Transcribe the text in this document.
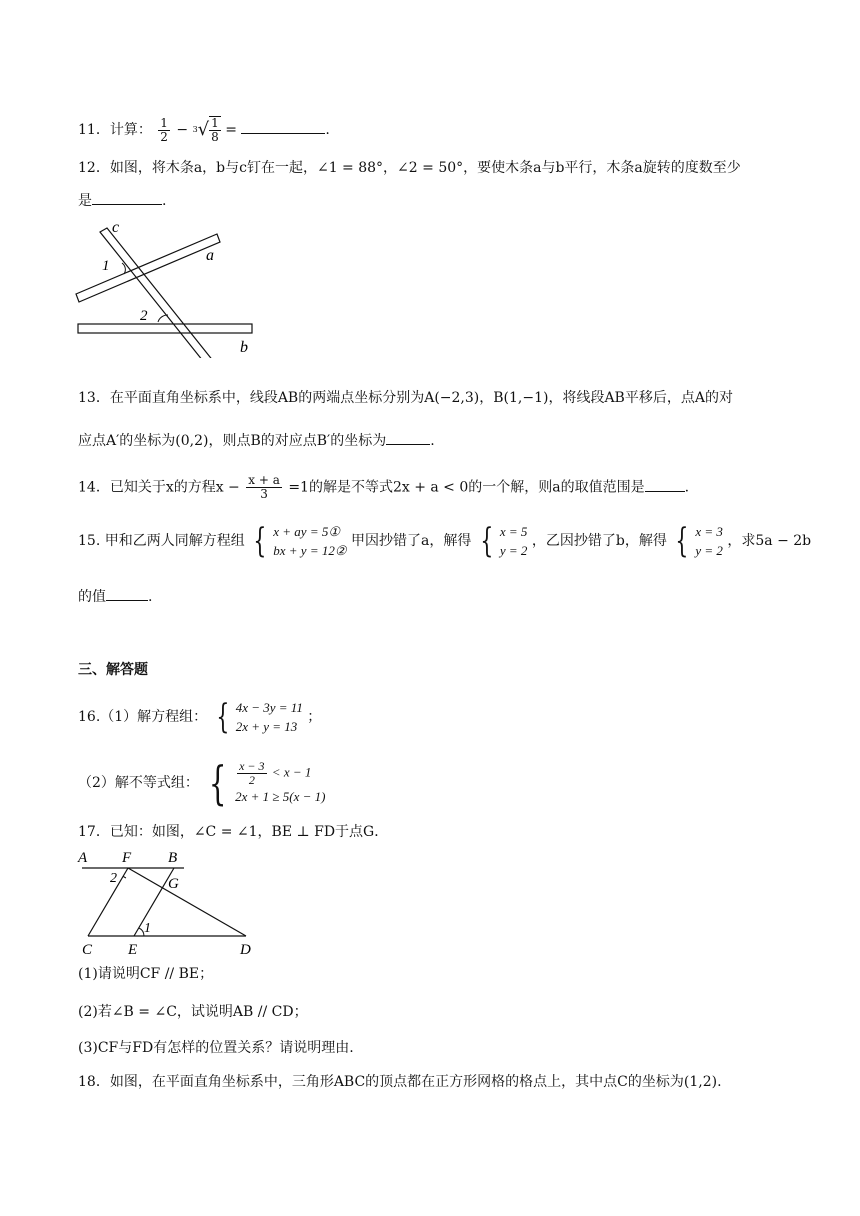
11．计算： $\frac{1}{2} - 3$ √ $\frac{1}{8}$ =	.
12．如图，将木条a，b与c钉在一起，∠1 = 88°，∠2 = 50°，要使木条a与b平行，木条a旋转的度数至少
是	.
c
a
b
1
2
13．在平面直角坐标系中，线段AB的两端点坐标分别为A(−2,3)，B(1,−1)，将线段AB平移后，点A的对
应点A′的坐标为(0,2)，则点B的对应点B′的坐标为	.
14．已知关于x的方程$x - \frac{x + a}{3} =1$的解是不等式2x + a < 0的一个解，则a的取值范围是	.
15. 甲和乙两人同解方程组 { x + ay = 5①
bx + y = 12②
甲因抄错了a，解得 { x = 5
y = 2
，乙因抄错了b，解得 { x = 3
y = 2
，求5a − 2b
的值	.
三、解答题
16.（1）解方程组： { 4x − 3y = 11
2x + y = 13
；
（2）解不等式组： { $\frac{x - 3}{2} < x - 1$
2x + 1 ≥ 5(x − 1)
17．已知：如图，∠C = ∠1，BE ⊥ FD于点G．
A F B
G
C E	D
1
2
(1)请说明CF // BE；
(2)若∠B = ∠C，试说明AB // CD；
(3)CF与FD有怎样的位置关系？请说明理由.
18．如图，在平面直角坐标系中，三角形ABC的顶点都在正方形网格的格点上，其中点C的坐标为(1,2).
